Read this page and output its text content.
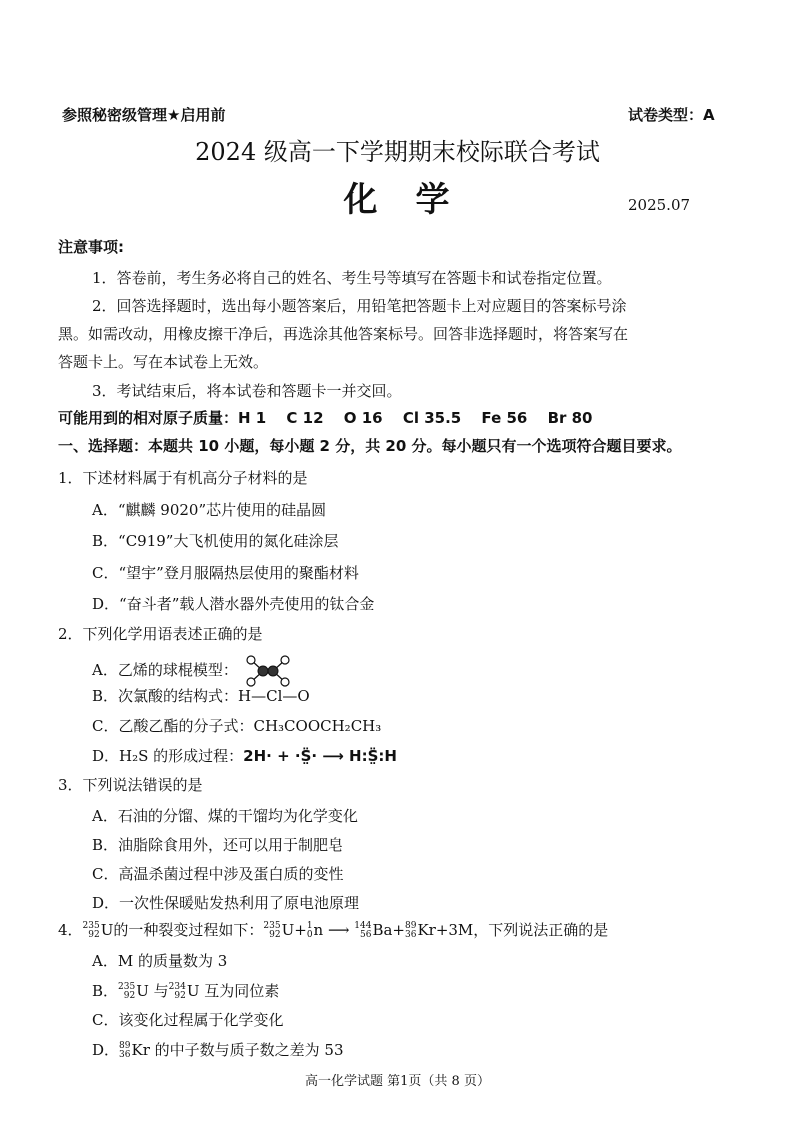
参照秘密级管理★启用前	试卷类型：A
2024 级高一下学期期末校际联合考试
化　学	2025.07
注意事项:
1．答卷前，考生务必将自己的姓名、考生号等填写在答题卡和试卷指定位置。
2．回答选择题时，选出每小题答案后，用铅笔把答题卡上对应题目的答案标号涂
黑。如需改动，用橡皮擦干净后，再选涂其他答案标号。回答非选择题时，将答案写在
答题卡上。写在本试卷上无效。
3．考试结束后，将本试卷和答题卡一并交回。
可能用到的相对原子质量：H 1　 C 12　 O 16　 Cl 35.5　 Fe 56　 Br 80
一、选择题：本题共 10 小题，每小题 2 分，共 20 分。每小题只有一个选项符合题目要求。
1．下述材料属于有机高分子材料的是
A．“麒麟 9020”芯片使用的硅晶圆
B．“C919”大飞机使用的氮化硅涂层
C．“望宇”登月服隔热层使用的聚酯材料
D．“奋斗者”载人潜水器外壳使用的钛合金
2．下列化学用语表述正确的是
A．乙烯的球棍模型：
B．次氯酸的结构式：H—Cl—O
C．乙酸乙酯的分子式：CH₃COOCH₂CH₃
D．H₂S 的形成过程：2H· + ·S̤̈· ⟶ H:S̤̈:H
3．下列说法错误的是
A．石油的分馏、煤的干馏均为化学变化
B．油脂除食用外，还可以用于制肥皂
C．高温杀菌过程中涉及蛋白质的变性
D．一次性保暖贴发热利用了原电池原理
4． 235
92 U的一种裂变过程如下： 235
92 U+ 1
0 n ⟶ 144
56 Ba+ 89
36 Kr+3M，下列说法正确的是
A．M 的质量数为 3
B． 235
92 U 与 234
92 U 互为同位素
C．该变化过程属于化学变化
D． 89
36 Kr 的中子数与质子数之差为 53
高一化学试题 第1页（共 8 页）
